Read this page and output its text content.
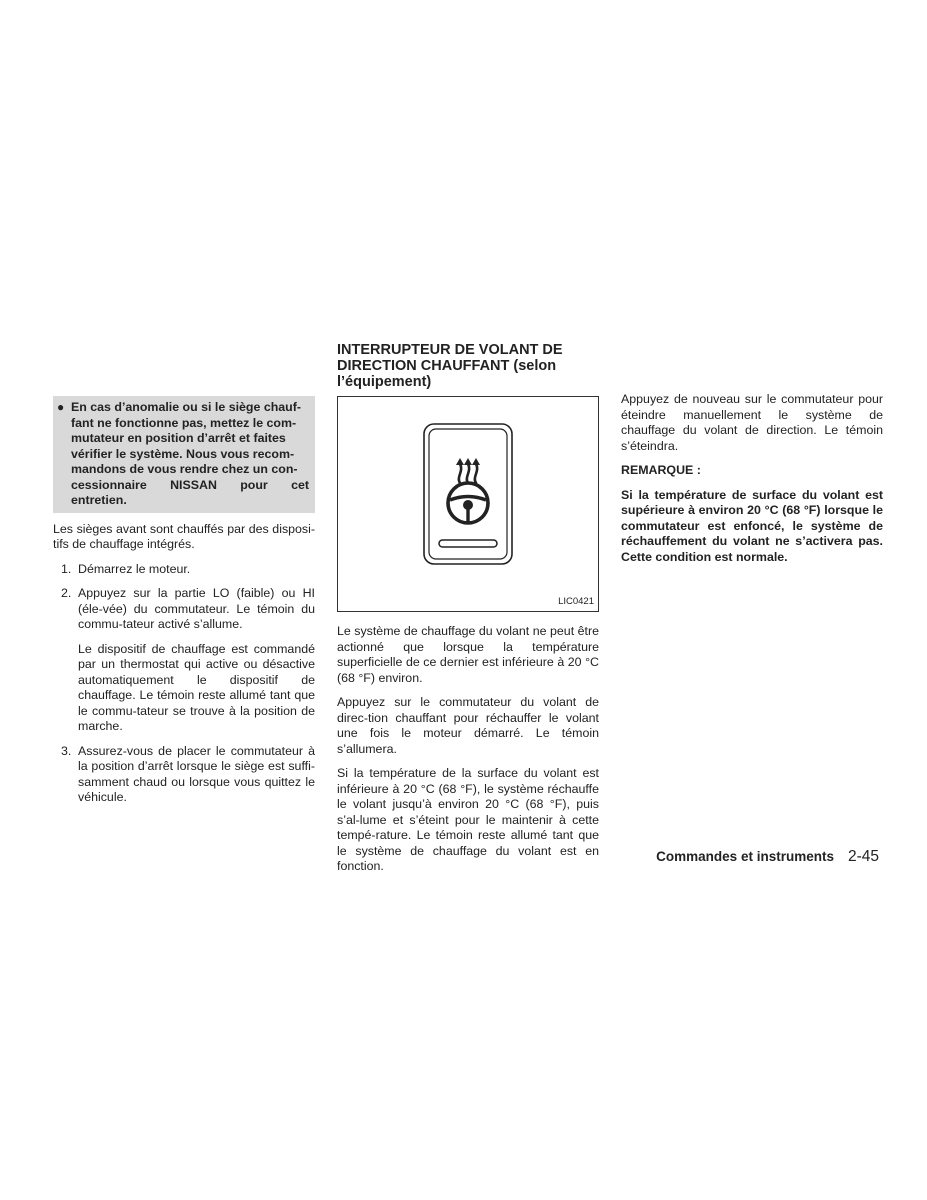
● En cas d’anomalie ou si le siège chauf-
fant ne fonctionne pas, mettez le com-
mutateur en position d’arrêt et faites
vérifier le système. Nous vous recom-
mandons de vous rendre chez un con-
cessionnaire NISSAN pour cet
entretien.

Les sièges avant sont chauffés par des disposi-tifs de chauffage intégrés.

1. Démarrez le moteur.

2. Appuyez sur la partie LO (faible) ou HI (éle-vée) du commutateur. Le témoin du commu-tateur activé s’allume.

Le dispositif de chauffage est commandé par un thermostat qui active ou désactive automatiquement le dispositif de chauffage. Le témoin reste allumé tant que le commu-tateur se trouve à la position de marche.

3. Assurez-vous de placer le commutateur à la position d’arrêt lorsque le siège est suffi-samment chaud ou lorsque vous quittez le véhicule.

INTERRUPTEUR DE VOLANT DE
DIRECTION CHAUFFANT (selon
l’équipement)
LIC0421

Le système de chauffage du volant ne peut être actionné que lorsque la température superficielle de ce dernier est inférieure à 20 °C (68 °F) environ.

Appuyez sur le commutateur du volant de direc-tion chauffant pour réchauffer le volant une fois le moteur démarré. Le témoin s’allumera.

Si la température de la surface du volant est inférieure à 20 °C (68 °F), le système réchauffe le volant jusqu’à environ 20 °C (68 °F), puis s’al-lume et s’éteint pour le maintenir à cette tempé-rature. Le témoin reste allumé tant que le système de chauffage du volant est en fonction.

Appuyez de nouveau sur le commutateur pour éteindre manuellement le système de chauffage du volant de direction. Le témoin s’éteindra.

REMARQUE :

Si la température de surface du volant est supérieure à environ 20 °C (68 °F) lorsque le commutateur est enfoncé, le système de réchauffement du volant ne s’activera pas. Cette condition est normale.

Commandes et instruments 2-45
